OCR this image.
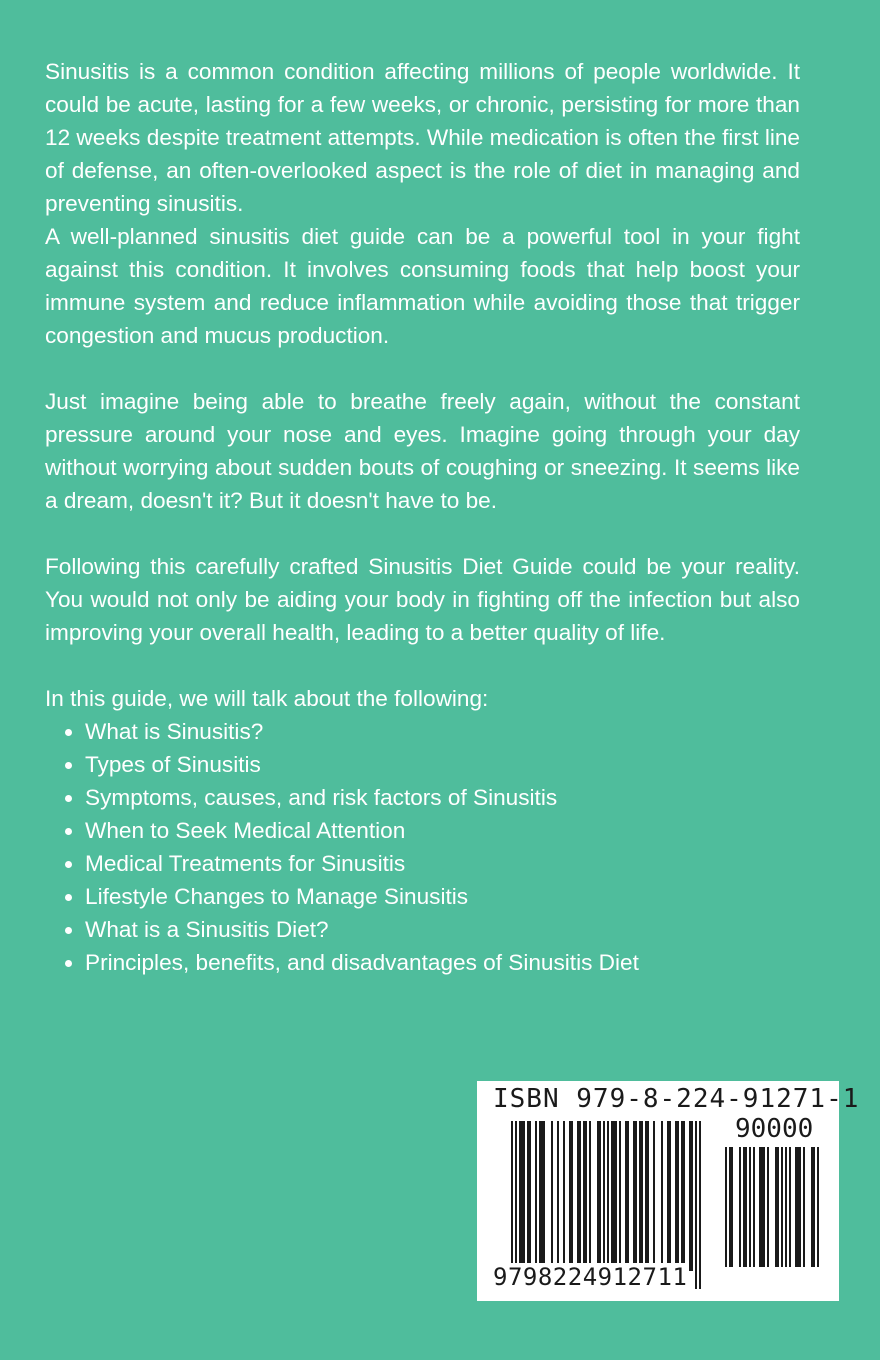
Sinusitis is a common condition affecting millions of people worldwide. It could be acute, lasting for a few weeks, or chronic, persisting for more than 12 weeks despite treatment attempts. While medication is often the first line of defense, an often-overlooked aspect is the role of diet in managing and preventing sinusitis.

A well-planned sinusitis diet guide can be a powerful tool in your fight against this condition. It involves consuming foods that help boost your immune system and reduce inflammation while avoiding those that trigger congestion and mucus production.

Just imagine being able to breathe freely again, without the constant pressure around your nose and eyes. Imagine going through your day without worrying about sudden bouts of coughing or sneezing. It seems like a dream, doesn't it? But it doesn't have to be.

Following this carefully crafted Sinusitis Diet Guide could be your reality. You would not only be aiding your body in fighting off the infection but also improving your overall health, leading to a better quality of life.

In this guide, we will talk about the following:

What is Sinusitis?
Types of Sinusitis
Symptoms, causes, and risk factors of Sinusitis
When to Seek Medical Attention
Medical Treatments for Sinusitis
Lifestyle Changes to Manage Sinusitis
What is a Sinusitis Diet?
Principles, benefits, and disadvantages of Sinusitis Diet
ISBN 979-8-224-91271-1
90000
9798224912711
